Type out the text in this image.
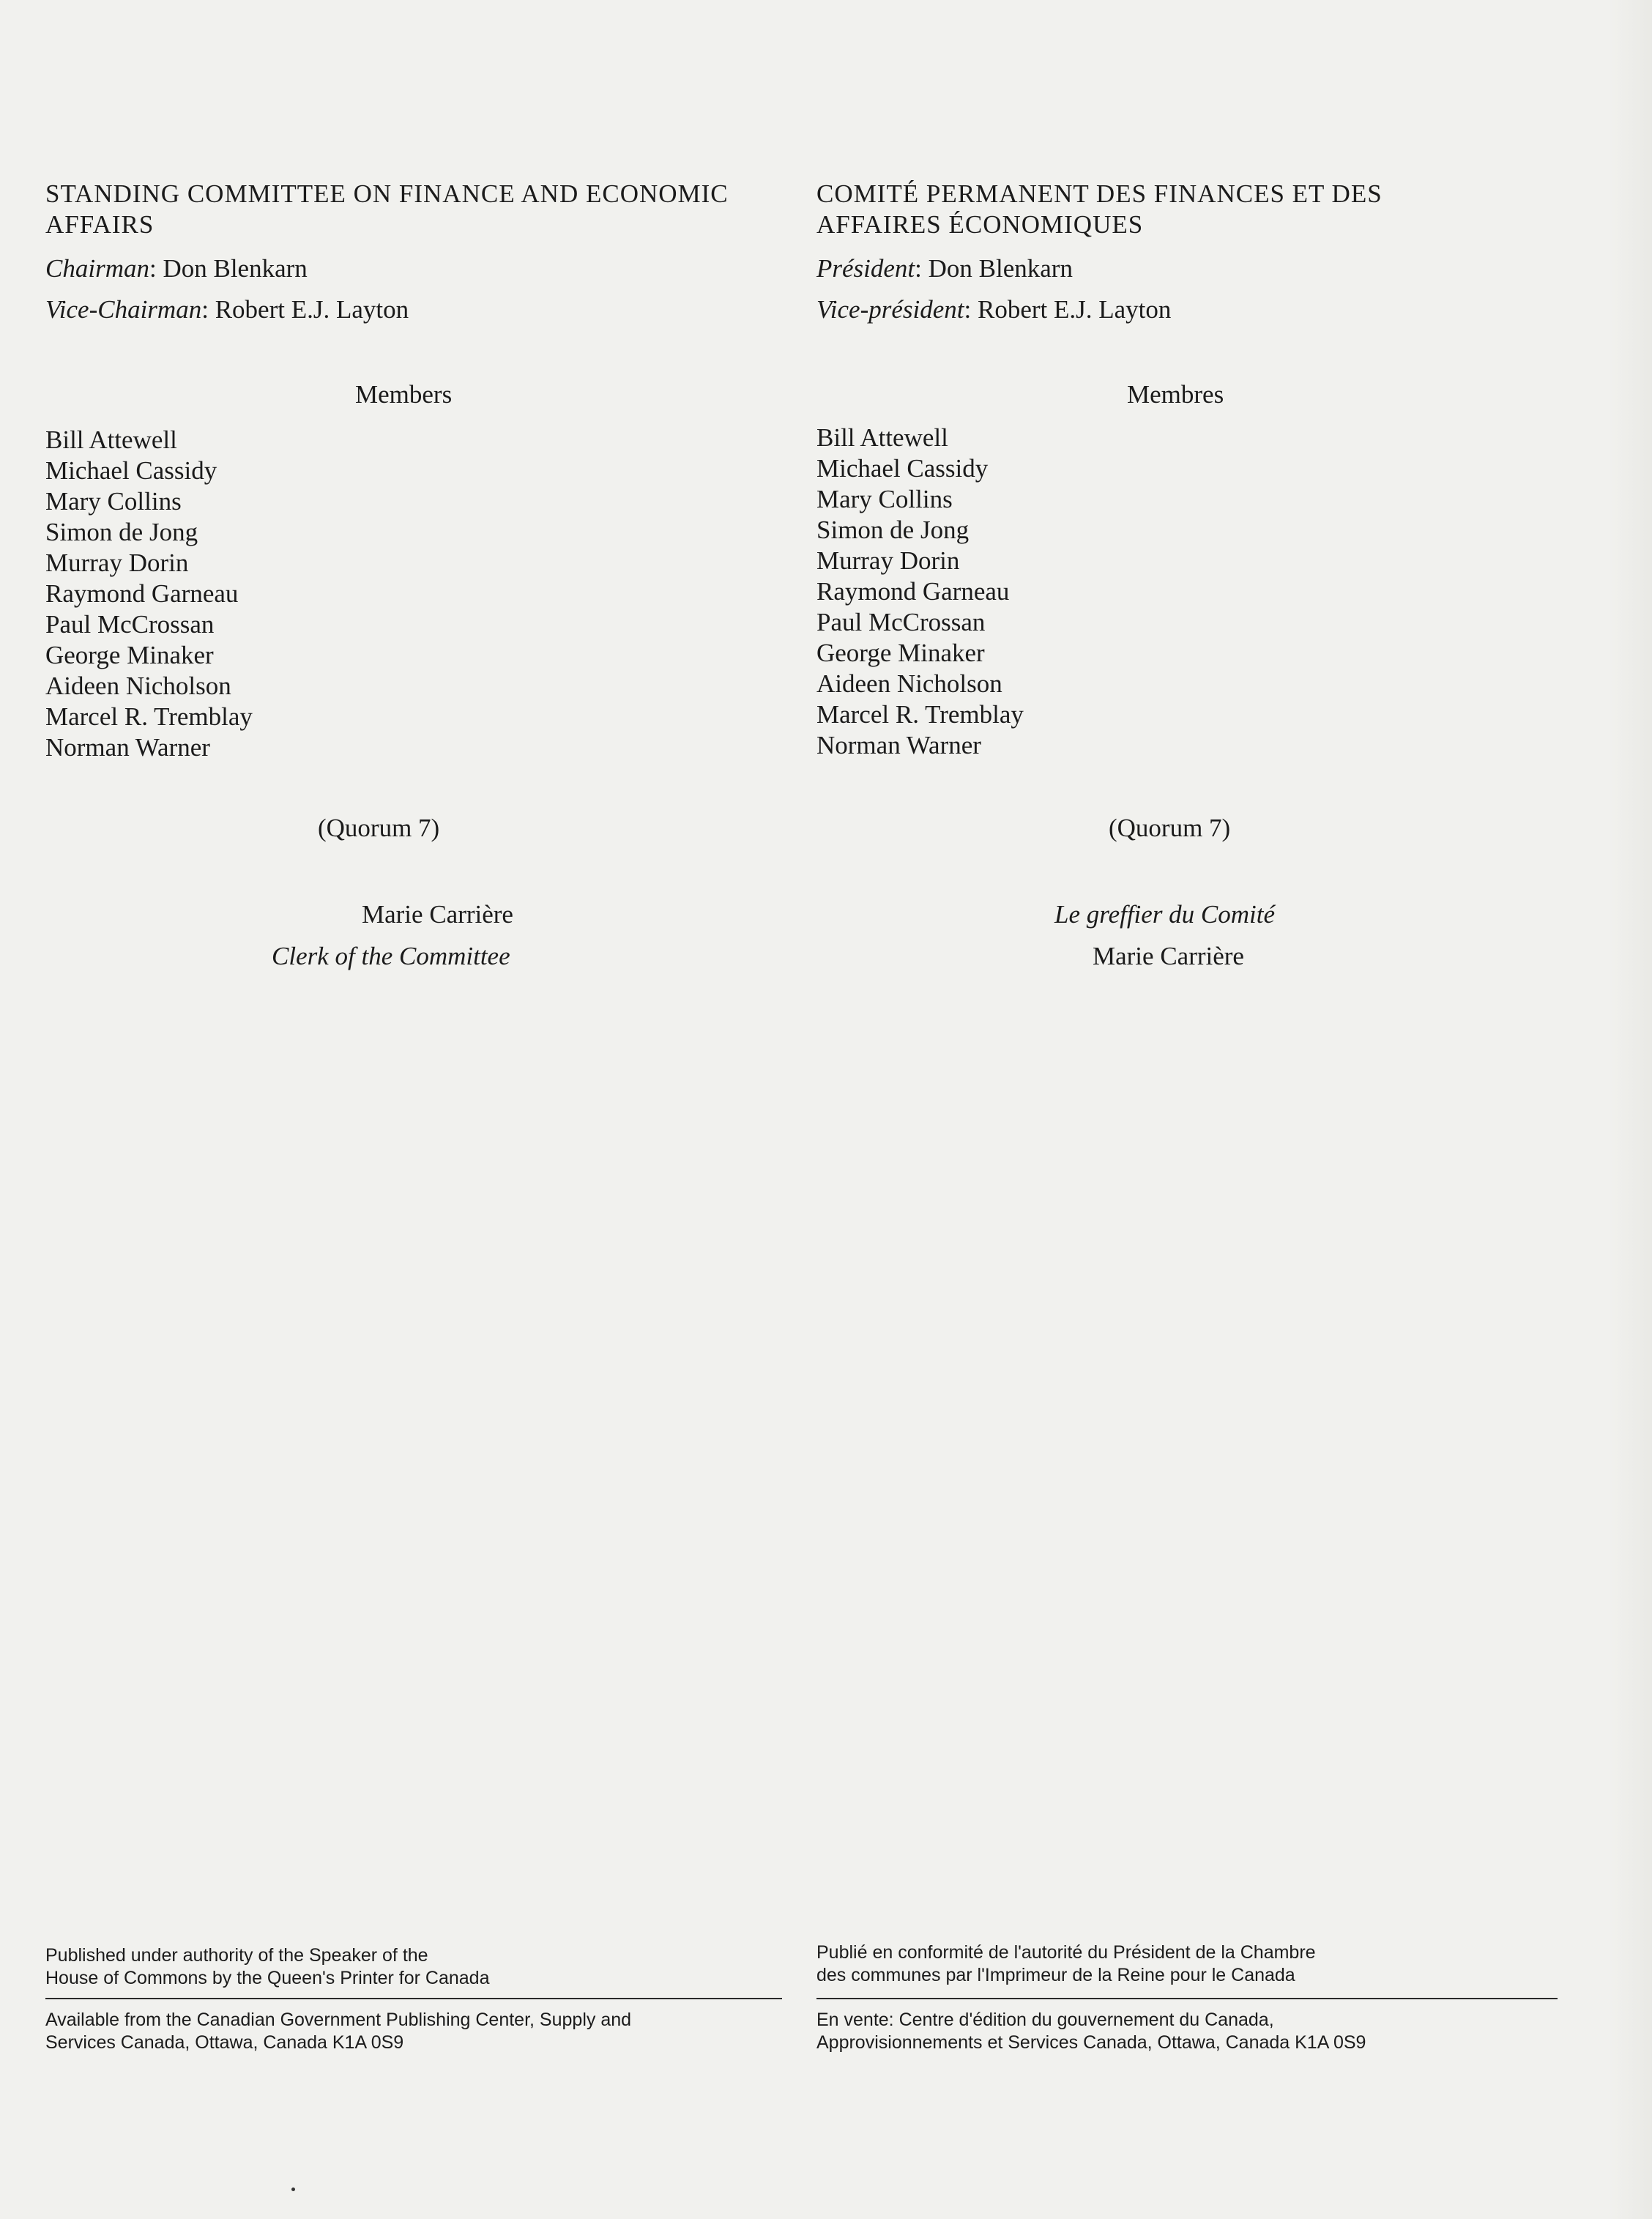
STANDING COMMITTEE ON FINANCE AND ECONOMIC AFFAIRS
Chairman: Don Blenkarn
Vice-Chairman: Robert E.J. Layton
Members
Bill Attewell
Michael Cassidy
Mary Collins
Simon de Jong
Murray Dorin
Raymond Garneau
Paul McCrossan
George Minaker
Aideen Nicholson
Marcel R. Tremblay
Norman Warner
(Quorum 7)
Marie Carrière
Clerk of the Committee
Published under authority of the Speaker of the
House of Commons by the Queen's Printer for Canada
Available from the Canadian Government Publishing Center, Supply and
Services Canada, Ottawa, Canada K1A 0S9
COMITÉ PERMANENT DES FINANCES ET DES AFFAIRES ÉCONOMIQUES
Président: Don Blenkarn
Vice-président: Robert E.J. Layton
Membres
Bill Attewell
Michael Cassidy
Mary Collins
Simon de Jong
Murray Dorin
Raymond Garneau
Paul McCrossan
George Minaker
Aideen Nicholson
Marcel R. Tremblay
Norman Warner
(Quorum 7)
Le greffier du Comité
Marie Carrière
Publié en conformité de l'autorité du Président de la Chambre
des communes par l'Imprimeur de la Reine pour le Canada
En vente: Centre d'édition du gouvernement du Canada,
Approvisionnements et Services Canada, Ottawa, Canada K1A 0S9
